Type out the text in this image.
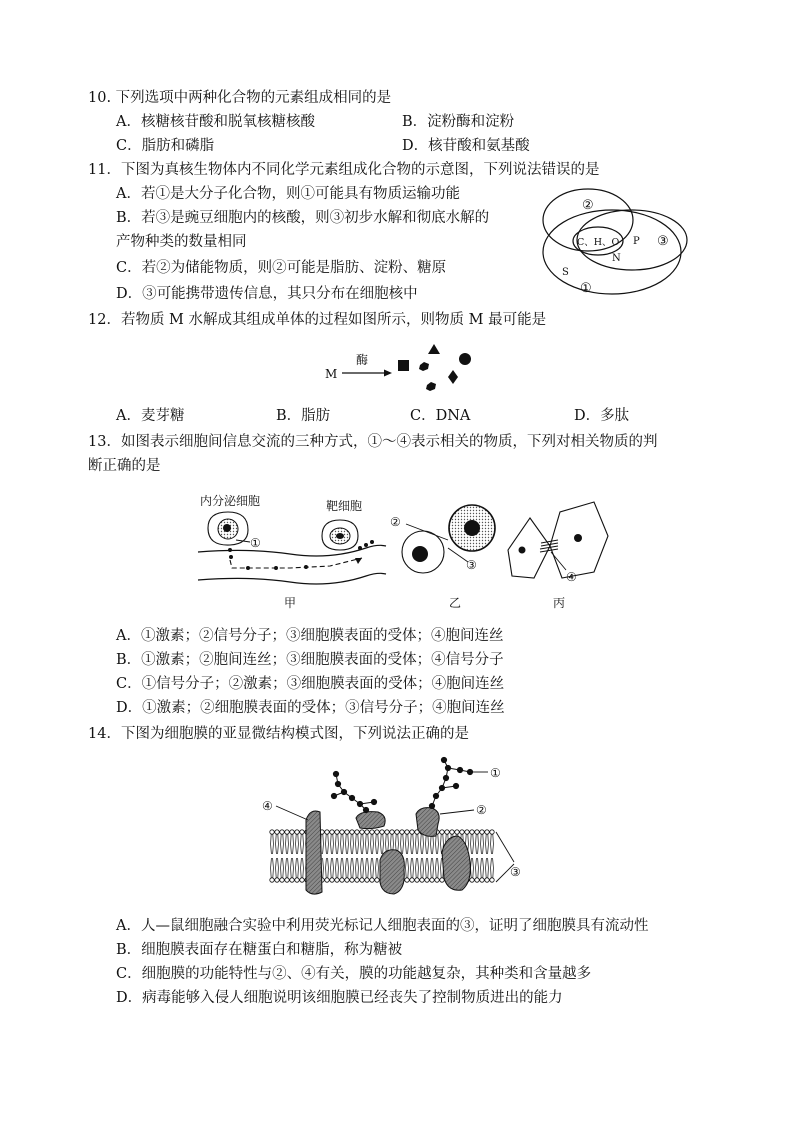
10. 下列选项中两种化合物的元素组成相同的是
A．核糖核苷酸和脱氧核糖核酸	B．淀粉酶和淀粉
C．脂肪和磷脂	D．核苷酸和氨基酸
11．下图为真核生物体内不同化学元素组成化合物的示意图，下列说法错误的是
A．若①是大分子化合物，则①可能具有物质运输功能
B．若③是豌豆细胞内的核酸，则③初步水解和彻底水解的
产物种类的数量相同
C．若②为储能物质，则②可能是脂肪、淀粉、糖原
D．③可能携带遗传信息，其只分布在细胞核中
②
③
①
C、H、O
N
P
S
12．若物质 M 水解成其组成单体的过程如图所示，则物质 M 最可能是
M
酶
A．麦芽糖	B．脂肪	C．DNA	D．多肽
13．如图表示细胞间信息交流的三种方式，①～④表示相关的物质，下列对相关物质的判
断正确的是
内分泌细胞	靶细胞
①
甲
②
③
乙
④
丙
A．①激素；②信号分子；③细胞膜表面的受体；④胞间连丝
B．①激素；②胞间连丝；③细胞膜表面的受体；④信号分子
C．①信号分子；②激素；③细胞膜表面的受体；④胞间连丝
D．①激素；②细胞膜表面的受体；③信号分子；④胞间连丝
14．下图为细胞膜的亚显微结构模式图，下列说法正确的是
①
②
④
③
A．人—鼠细胞融合实验中利用荧光标记人细胞表面的③，证明了细胞膜具有流动性
B．细胞膜表面存在糖蛋白和糖脂，称为糖被
C．细胞膜的功能特性与②、④有关，膜的功能越复杂，其种类和含量越多
D．病毒能够入侵人细胞说明该细胞膜已经丧失了控制物质进出的能力
